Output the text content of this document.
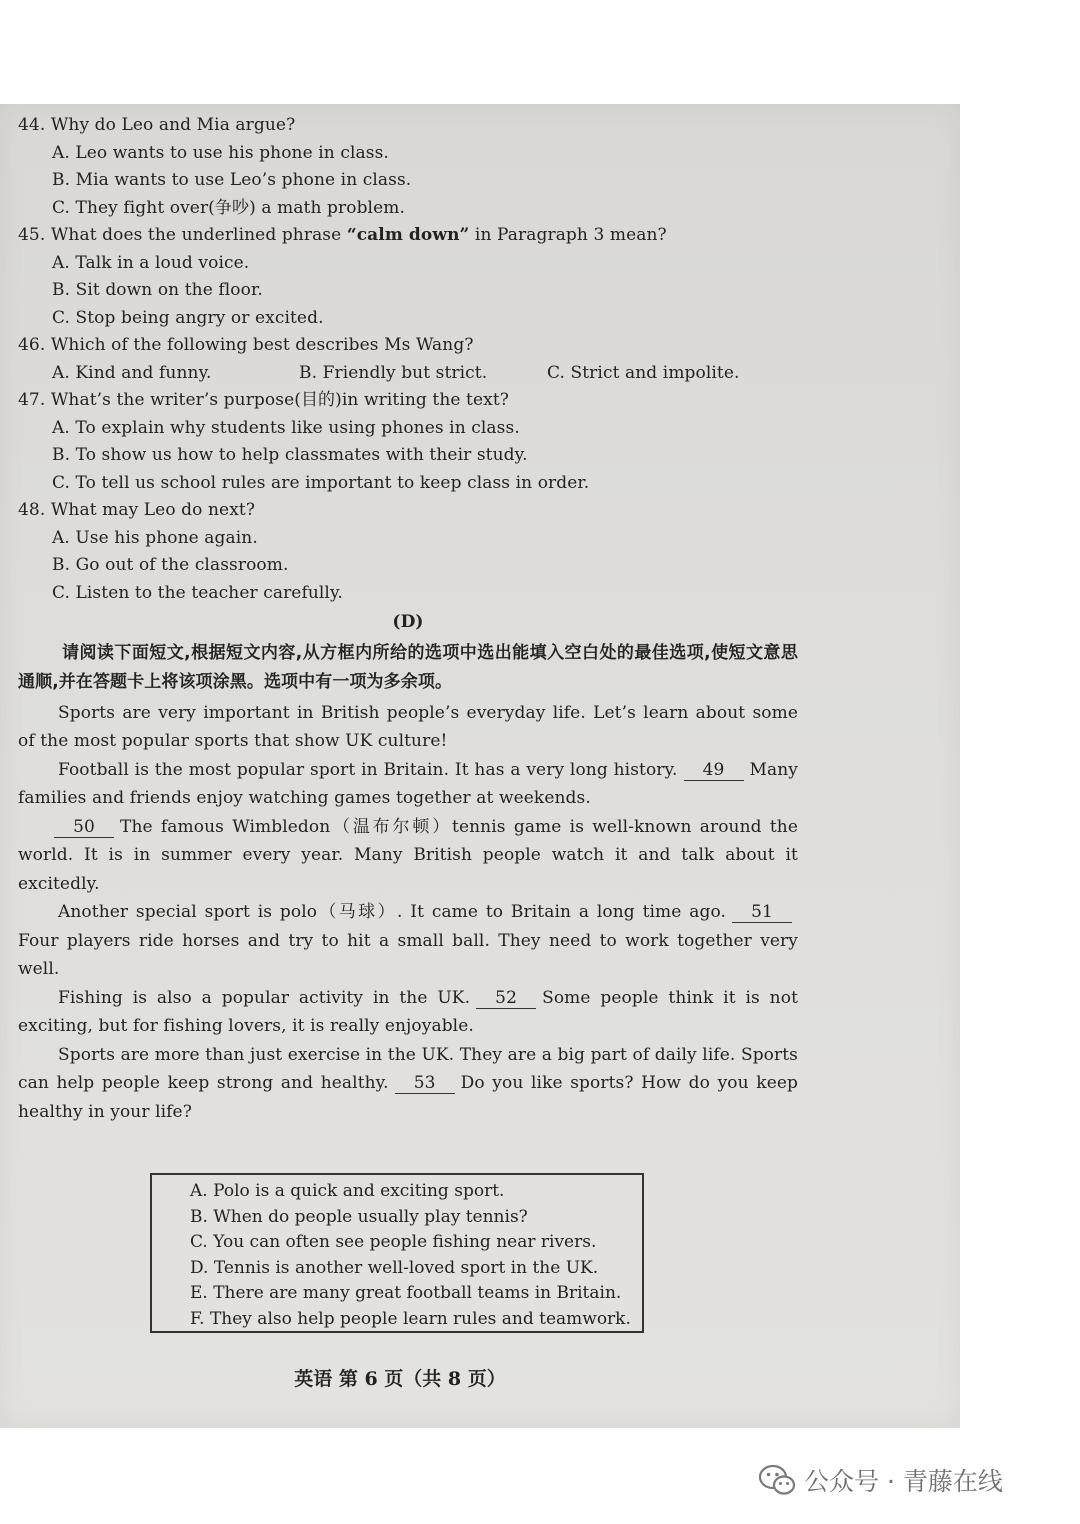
44. Why do Leo and Mia argue?

A. Leo wants to use his phone in class.

B. Mia wants to use Leo’s phone in class.

C. They fight over(争吵) a math problem.

45. What does the underlined phrase “calm down” in Paragraph 3 mean?

A. Talk in a loud voice.

B. Sit down on the floor.

C. Stop being angry or excited.

46. Which of the following best describes Ms Wang?

A. Kind and funny.	B. Friendly but strict.	C. Strict and impolite.

47. What’s the writer’s purpose(目的)in writing the text?

A. To explain why students like using phones in class.

B. To show us how to help classmates with their study.

C. To tell us school rules are important to keep class in order.

48. What may Leo do next?

A. Use his phone again.

B. Go out of the classroom.

C. Listen to the teacher carefully.

(D)

请阅读下面短文,根据短文内容,从方框内所给的选项中选出能填入空白处的最佳选项,使短文意思通顺,并在答题卡上将该项涂黑。选项中有一项为多余项。

Sports are very important in British people’s everyday life. Let’s learn about some of the most popular sports that show UK culture!

Football is the most popular sport in Britain. It has a very long history. 49 Many families and friends enjoy watching games together at weekends.

50 The famous Wimbledon（温布尔顿）tennis game is well-known around the world. It is in summer every year. Many British people watch it and talk about it excitedly.

Another special sport is polo（马球）. It came to Britain a long time ago. 51Four players ride horses and try to hit a small ball. They need to work together very well.

Fishing is also a popular activity in the UK. 52 Some people think it is not exciting, but for fishing lovers, it is really enjoyable.

Sports are more than just exercise in the UK. They are a big part of daily life. Sports can help people keep strong and healthy. 53 Do you like sports? How do you keep healthy in your life?

A. Polo is a quick and exciting sport.
B. When do people usually play tennis?
C. You can often see people fishing near rivers.
D. Tennis is another well-loved sport in the UK.
E. There are many great football teams in Britain.
F. They also help people learn rules and teamwork.
英语 第 6 页（共 8 页）
公众号 · 青藤在线
